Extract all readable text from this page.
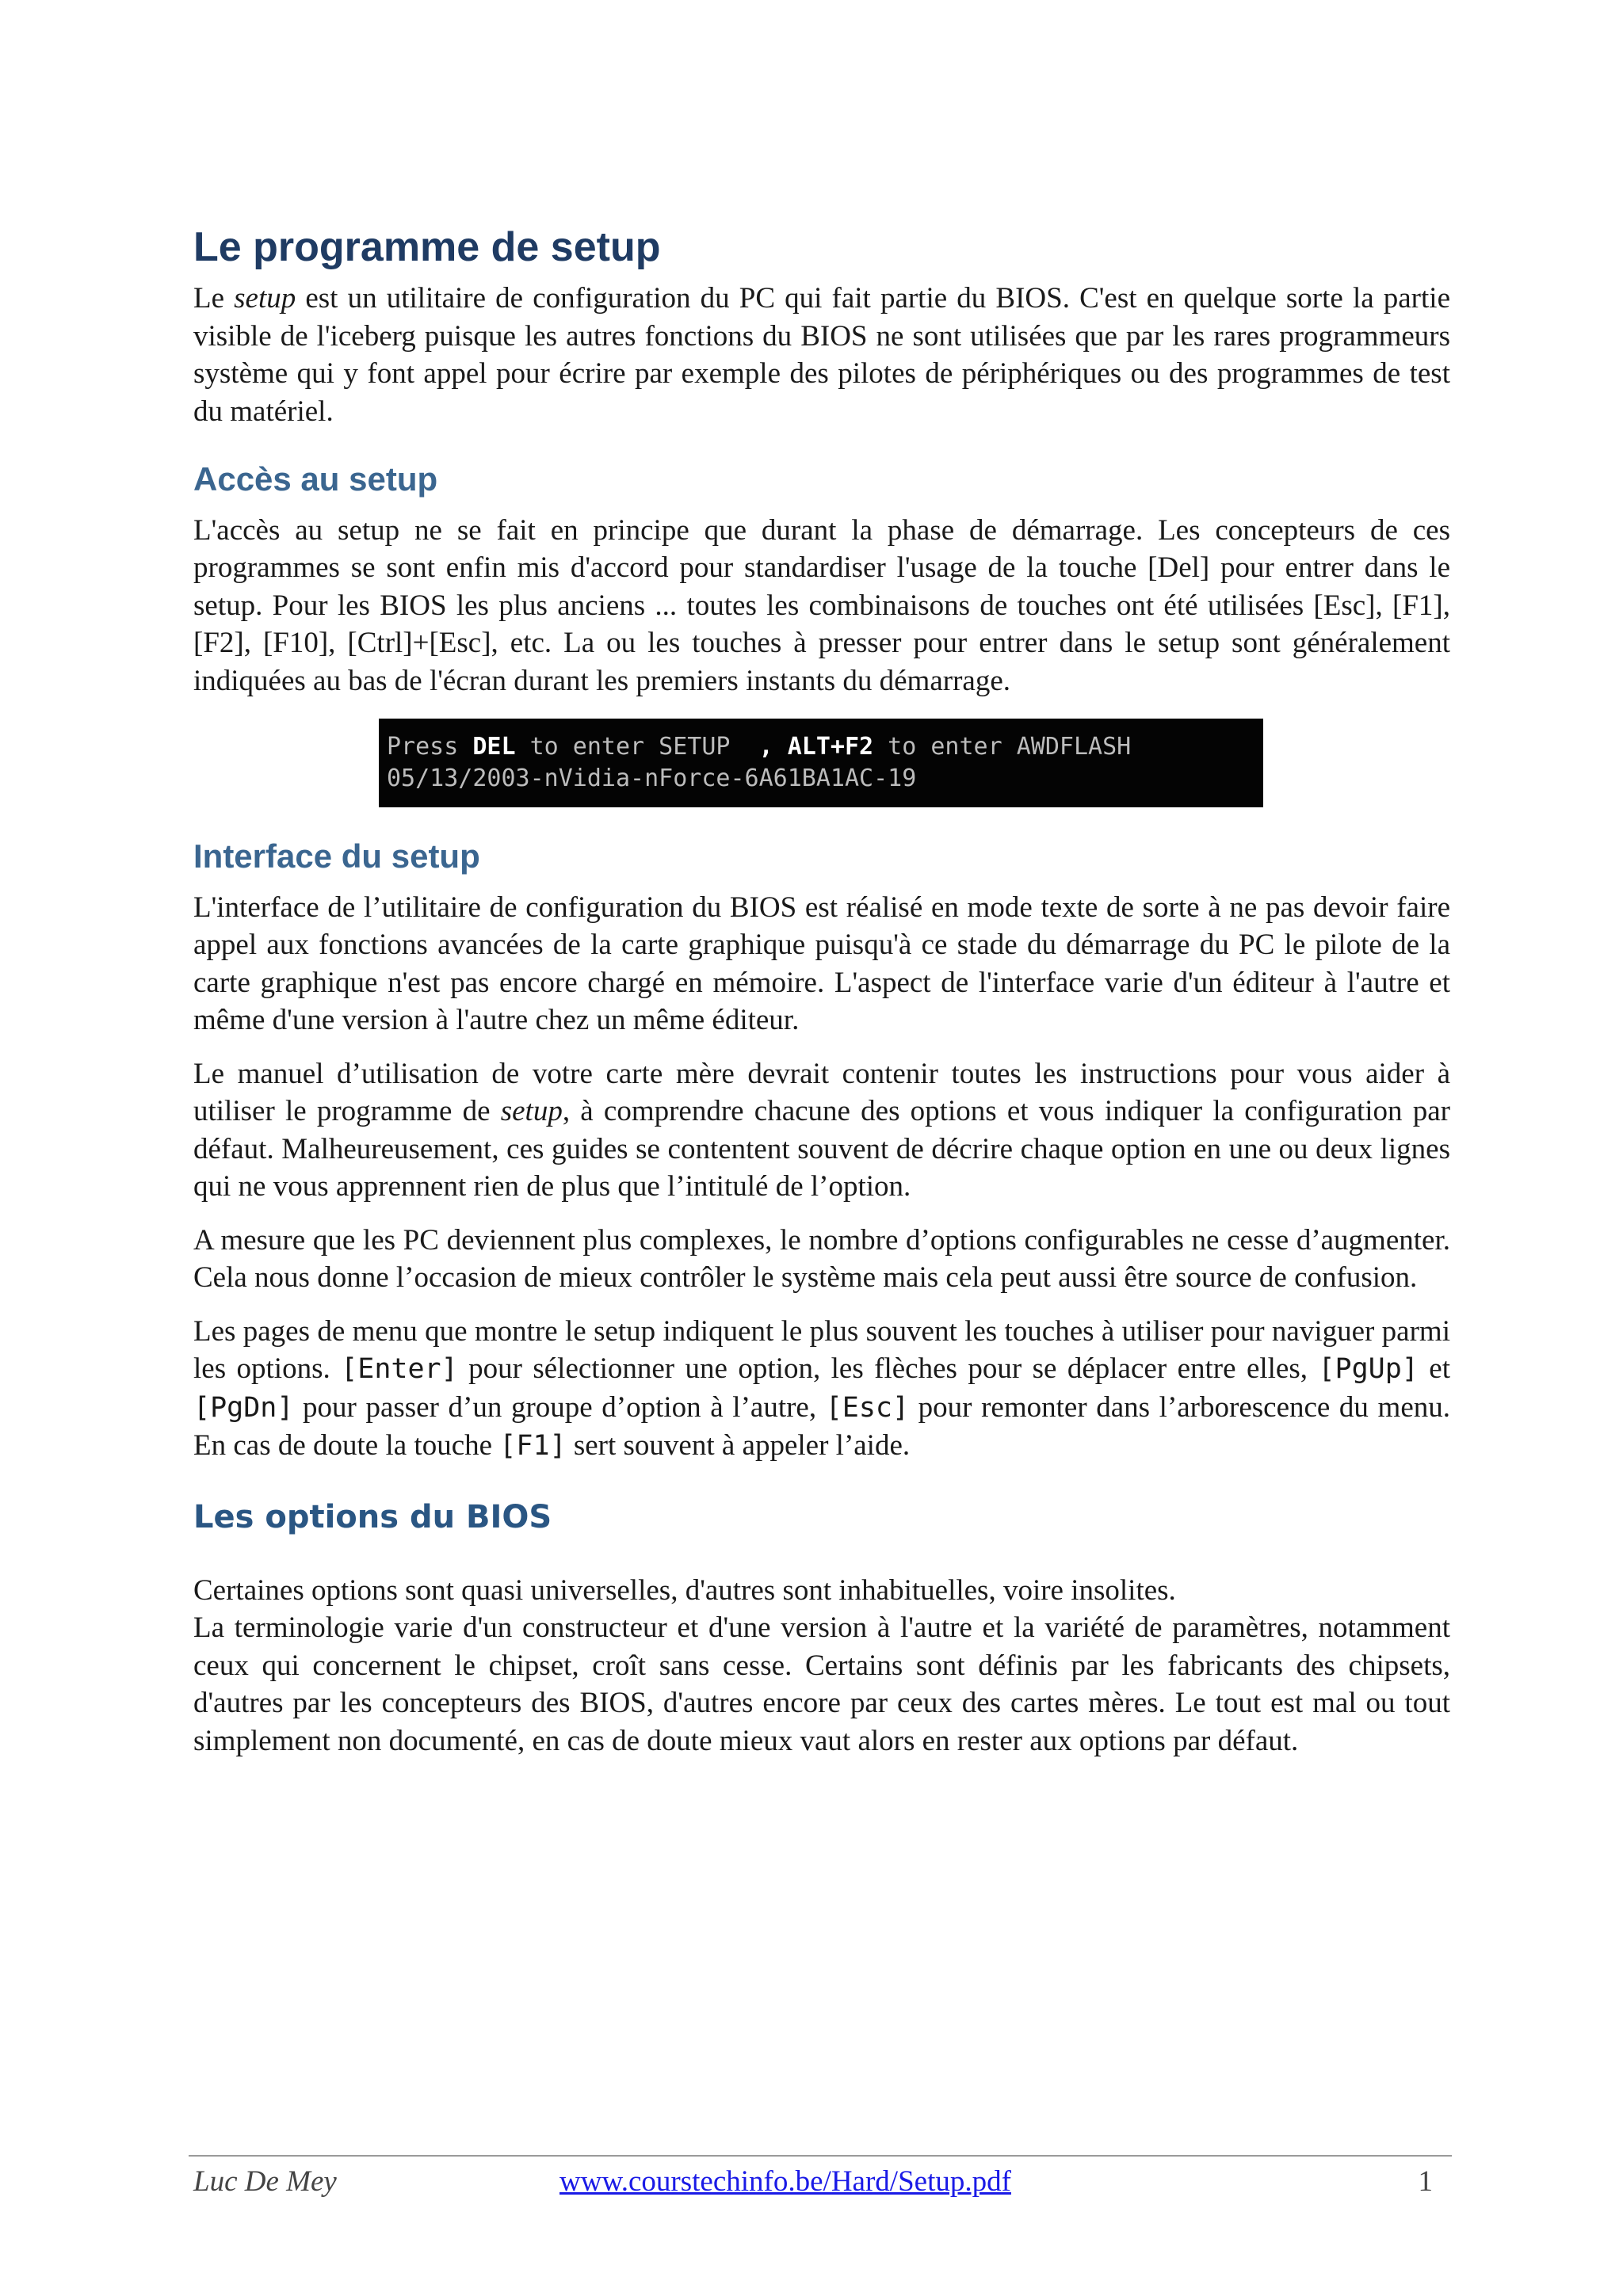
Le programme de setup

Le setup est un utilitaire de configuration du PC qui fait partie du BIOS. C'est en quelque sorte la partie visible de l'iceberg puisque les autres fonctions du BIOS ne sont utilisées que par les rares programmeurs système qui y font appel pour écrire par exemple des pilotes de périphériques ou des programmes de test du matériel.

Accès au setup

L'accès au setup ne se fait en principe que durant la phase de démarrage. Les concepteurs de ces programmes se sont enfin mis d'accord pour standardiser l'usage de la touche [Del] pour entrer dans le setup. Pour les BIOS les plus anciens ... toutes les combinaisons de touches ont été utilisées [Esc], [F1], [F2], [F10], [Ctrl]+[Esc], etc. La ou les touches à presser pour entrer dans le setup sont généralement indiquées au bas de l'écran durant les premiers instants du démarrage.

Press DEL to enter SETUP  , ALT+F2 to enter AWDFLASH
05/13/2003-nVidia-nForce-6A61BA1AC-19
Interface du setup

L'interface de l’utilitaire de configuration du BIOS est réalisé en mode texte de sorte à ne pas devoir faire appel aux fonctions avancées de la carte graphique puisqu'à ce stade du démarrage du PC le pilote de la carte graphique n'est pas encore chargé en mémoire. L'aspect de l'interface varie d'un éditeur à l'autre et même d'une version à l'autre chez un même éditeur.

Le manuel d’utilisation de votre carte mère devrait contenir toutes les instructions pour vous aider à utiliser le programme de setup, à comprendre chacune des options et vous indiquer la configuration par défaut. Malheureusement, ces guides se contentent souvent de décrire chaque option en une ou deux lignes qui ne vous apprennent rien de plus que l’intitulé de l’option.

A mesure que les PC deviennent plus complexes, le nombre d’options configurables ne cesse d’augmenter. Cela nous donne l’occasion de mieux contrôler le système mais cela peut aussi être source de confusion.

Les pages de menu que montre le setup indiquent le plus souvent les touches à utiliser pour naviguer parmi les options. [Enter] pour sélectionner une option, les flèches pour se déplacer entre elles, [PgUp] et [PgDn] pour passer d’un groupe d’option à l’autre, [Esc] pour remonter dans l’arborescence du menu. En cas de doute la touche [F1] sert souvent à appeler l’aide.

Les options du BIOS

Certaines options sont quasi universelles, d'autres sont inhabituelles, voire insolites.

La terminologie varie d'un constructeur et d'une version à l'autre et la variété de paramètres, notamment ceux qui concernent le chipset, croît sans cesse. Certains sont définis par les fabricants des chipsets, d'autres par les concepteurs des BIOS, d'autres encore par ceux des cartes mères. Le tout est mal ou tout simplement non documenté, en cas de doute mieux vaut alors en rester aux options par défaut.

Luc De Mey	www.courstechinfo.be/Hard/Setup.pdf	1
